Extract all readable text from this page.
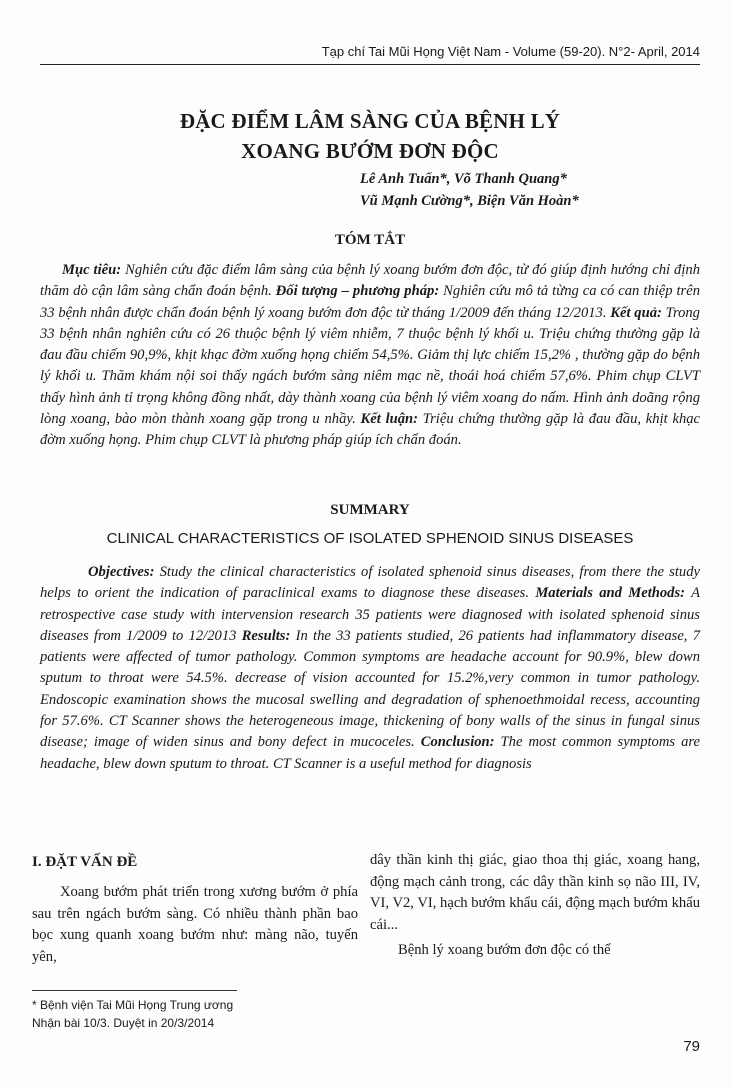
Tạp chí Tai Mũi Họng Việt Nam - Volume (59-20). N°2- April, 2014
ĐẶC ĐIỂM LÂM SÀNG CỦA BỆNH LÝ
XOANG BƯỚM ĐƠN ĐỘC
Lê Anh Tuấn*, Võ Thanh Quang*
Vũ Mạnh Cường*, Biện Văn Hoàn*
TÓM TẮT
Mục tiêu: Nghiên cứu đặc điểm lâm sàng của bệnh lý xoang bướm đơn độc, từ đó giúp định hướng chỉ định thăm dò cận lâm sàng chẩn đoán bệnh. Đối tượng – phương pháp: Nghiên cứu mô tả từng ca có can thiệp trên 33 bệnh nhân được chẩn đoán bệnh lý xoang bướm đơn độc từ tháng 1/2009 đến tháng 12/2013. Kết quả: Trong 33 bệnh nhân nghiên cứu có 26 thuộc bệnh lý viêm nhiễm, 7 thuộc bệnh lý khối u. Triệu chứng thường gặp là đau đầu chiếm 90,9%, khịt khạc đờm xuống họng chiếm 54,5%. Giảm thị lực chiếm 15,2% , thường gặp do bệnh lý khối u. Thăm khám nội soi thấy ngách bướm sàng niêm mạc nề, thoái hoá chiếm 57,6%. Phim chụp CLVT thấy hình ảnh tỉ trọng không đồng nhất, dày thành xoang của bệnh lý viêm xoang do nấm. Hình ảnh doãng rộng lòng xoang, bào mòn thành xoang gặp trong u nhầy. Kết luận: Triệu chứng thường gặp là đau đầu, khịt khạc đờm xuống họng. Phim chụp CLVT là phương pháp giúp ích chẩn đoán.
SUMMARY
CLINICAL CHARACTERISTICS OF ISOLATED SPHENOID SINUS DISEASES
Objectives: Study the clinical characteristics of isolated sphenoid sinus diseases, from there the study helps to orient the indication of paraclinical exams to diagnose these diseases. Materials and Methods: A retrospective case study with intervension research 35 patients were diagnosed with isolated sphenoid sinus diseases from 1/2009 to 12/2013 Results: In the 33 patients studied, 26 patients had inflammatory disease, 7 patients were affected of tumor pathology. Common symptoms are headache account for 90.9%, blew down sputum to throat were 54.5%. decrease of vision accounted for 15.2%,very common in tumor pathology. Endoscopic examination shows the mucosal swelling and degradation of sphenoethmoidal recess, accounting for 57.6%. CT Scanner shows the heterogeneous image, thickening of bony walls of the sinus in fungal sinus disease; image of widen sinus and bony defect in mucoceles. Conclusion: The most common symptoms are headache, blew down sputum to throat. CT Scanner is a useful method for diagnosis
I. ĐẶT VẤN ĐỀ
Xoang bướm phát triển trong xương bướm ở phía sau trên ngách bướm sàng. Có nhiều thành phần bao bọc xung quanh xoang bướm như: màng não, tuyến yên,

dây thần kinh thị giác, giao thoa thị giác, xoang hang, động mạch cảnh trong, các dây thần kinh sọ não III, IV, VI, V2, VI, hạch bướm khẩu cái, động mạch bướm khẩu cái...

Bệnh lý xoang bướm đơn độc có thể

* Bệnh viện Tai Mũi Họng Trung ương
Nhận bài 10/3. Duyệt in 20/3/2014
79
